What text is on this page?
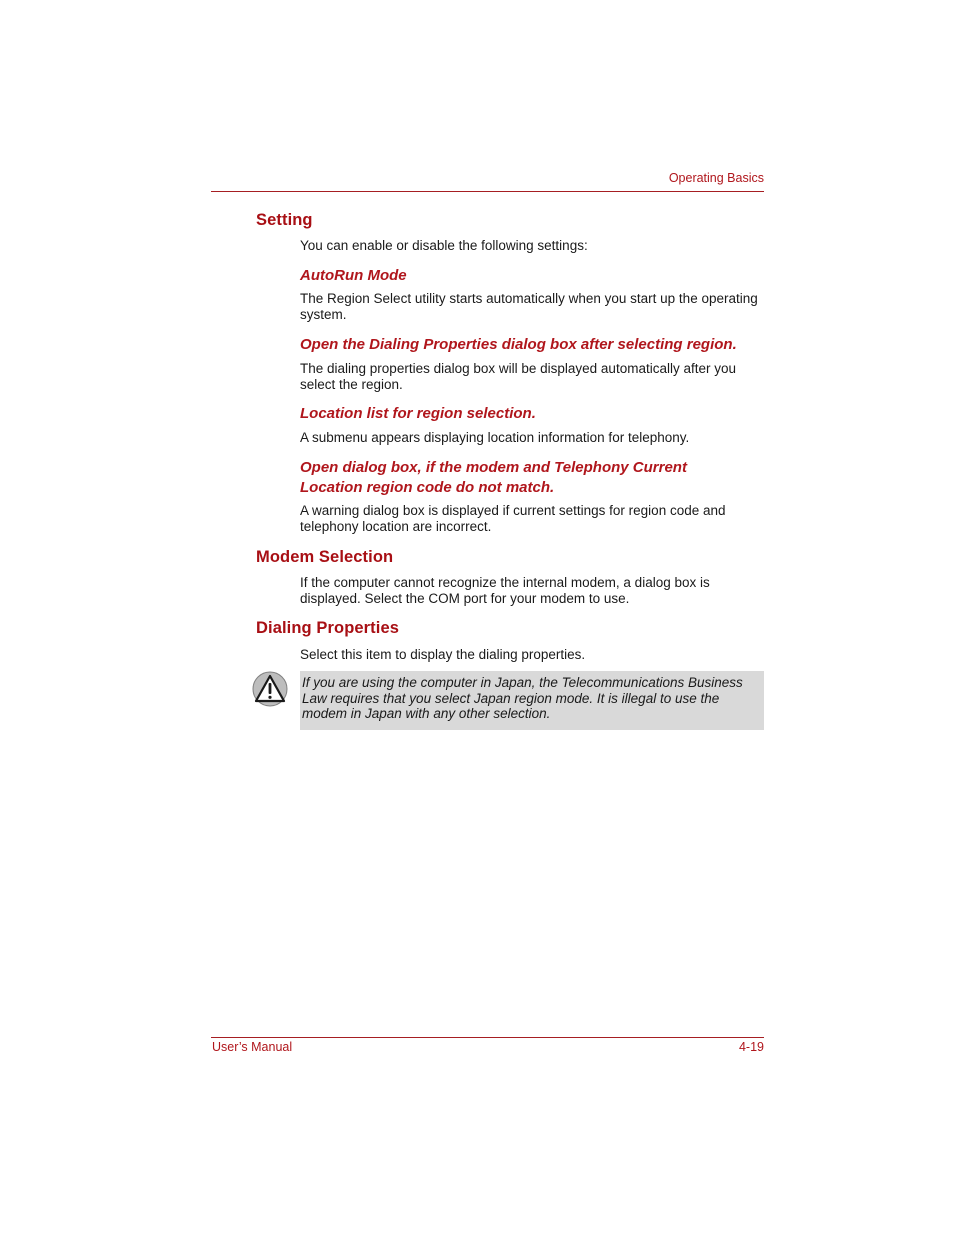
Operating Basics
Setting
You can enable or disable the following settings:
AutoRun Mode
The Region Select utility starts automatically when you start up the operating system.
Open the Dialing Properties dialog box after selecting region.
The dialing properties dialog box will be displayed automatically after you select the region.
Location list for region selection.
A submenu appears displaying location information for telephony.
Open dialog box, if the modem and Telephony Current
Location region code do not match.
A warning dialog box is displayed if current settings for region code and telephony location are incorrect.
Modem Selection
If the computer cannot recognize the internal modem, a dialog box is displayed. Select the COM port for your modem to use.
Dialing Properties
Select this item to display the dialing properties.
If you are using the computer in Japan, the Telecommunications Business Law requires that you select Japan region mode. It is illegal to use the modem in Japan with any other selection.
User’s Manual	4-19
